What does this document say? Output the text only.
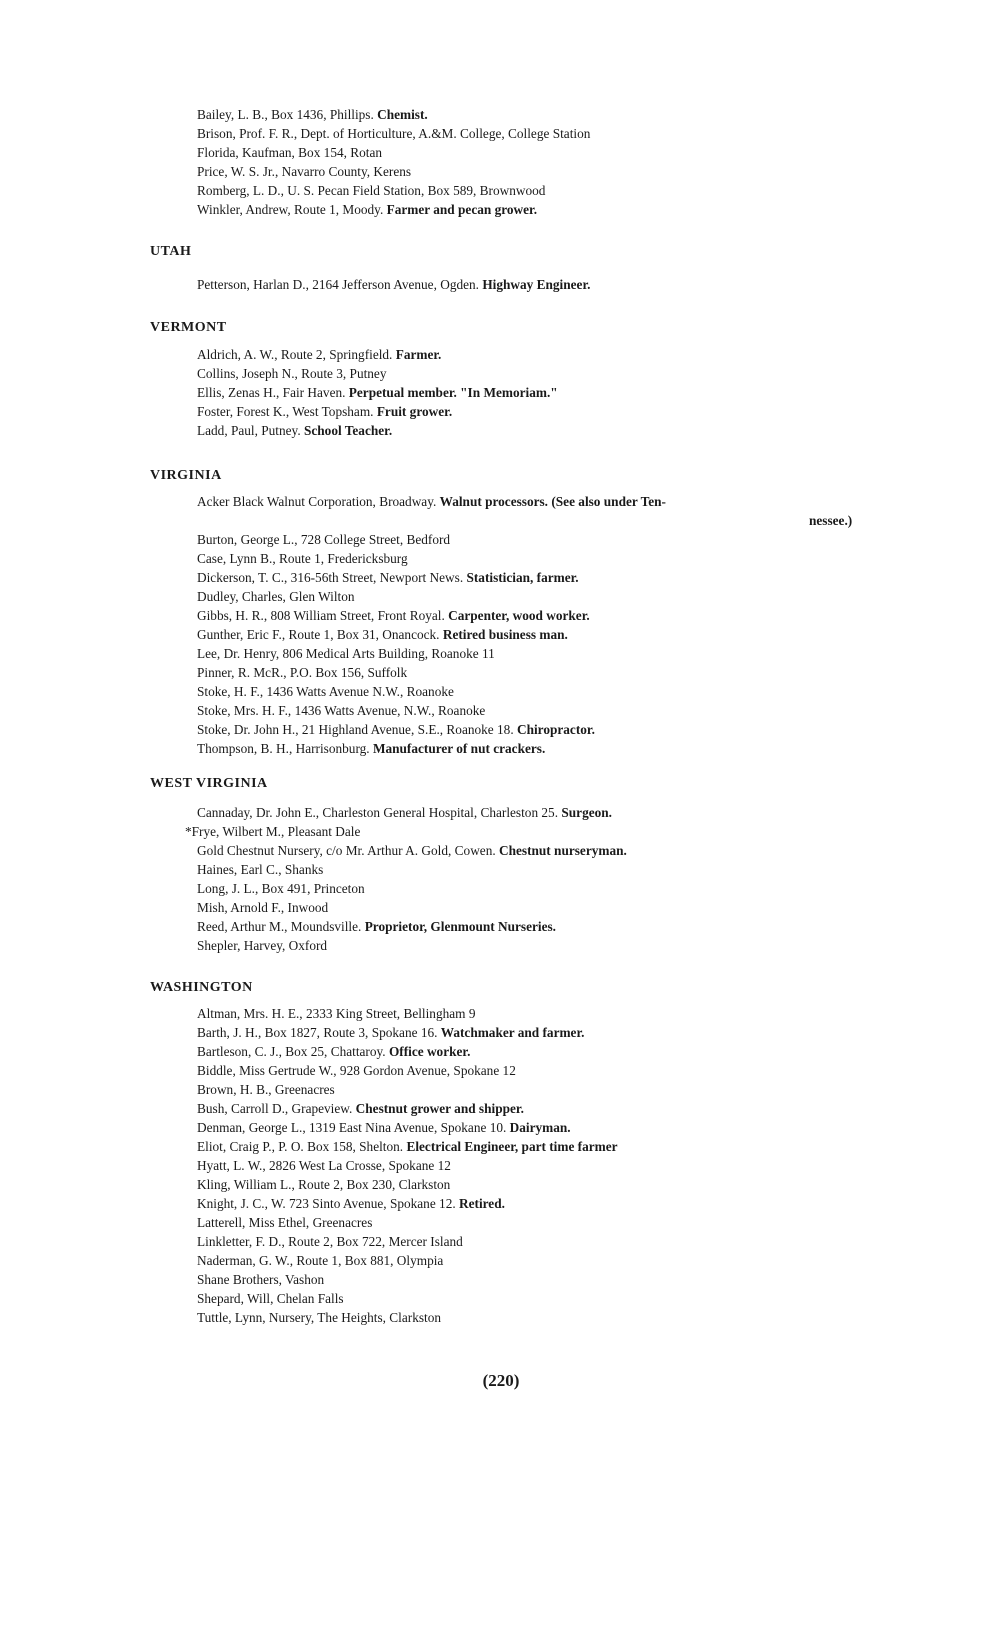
Bailey, L. B., Box 1436, Phillips. Chemist.
Brison, Prof. F. R., Dept. of Horticulture, A.&M. College, College Station
Florida, Kaufman, Box 154, Rotan
Price, W. S. Jr., Navarro County, Kerens
Romberg, L. D., U. S. Pecan Field Station, Box 589, Brownwood
Winkler, Andrew, Route 1, Moody. Farmer and pecan grower.
UTAH
Petterson, Harlan D., 2164 Jefferson Avenue, Ogden. Highway Engineer.
VERMONT
Aldrich, A. W., Route 2, Springfield. Farmer.
Collins, Joseph N., Route 3, Putney
Ellis, Zenas H., Fair Haven. Perpetual member. "In Memoriam."
Foster, Forest K., West Topsham. Fruit grower.
Ladd, Paul, Putney. School Teacher.
VIRGINIA
Acker Black Walnut Corporation, Broadway. Walnut processors. (See also under Ten-
nessee.)
Burton, George L., 728 College Street, Bedford
Case, Lynn B., Route 1, Fredericksburg
Dickerson, T. C., 316-56th Street, Newport News. Statistician, farmer.
Dudley, Charles, Glen Wilton
Gibbs, H. R., 808 William Street, Front Royal. Carpenter, wood worker.
Gunther, Eric F., Route 1, Box 31, Onancock. Retired business man.
Lee, Dr. Henry, 806 Medical Arts Building, Roanoke 11
Pinner, R. McR., P.O. Box 156, Suffolk
Stoke, H. F., 1436 Watts Avenue N.W., Roanoke
Stoke, Mrs. H. F., 1436 Watts Avenue, N.W., Roanoke
Stoke, Dr. John H., 21 Highland Avenue, S.E., Roanoke 18. Chiropractor.
Thompson, B. H., Harrisonburg. Manufacturer of nut crackers.
WEST VIRGINIA
Cannaday, Dr. John E., Charleston General Hospital, Charleston 25. Surgeon.
*Frye, Wilbert M., Pleasant Dale
Gold Chestnut Nursery, c/o Mr. Arthur A. Gold, Cowen. Chestnut nurseryman.
Haines, Earl C., Shanks
Long, J. L., Box 491, Princeton
Mish, Arnold F., Inwood
Reed, Arthur M., Moundsville. Proprietor, Glenmount Nurseries.
Shepler, Harvey, Oxford
WASHINGTON
Altman, Mrs. H. E., 2333 King Street, Bellingham 9
Barth, J. H., Box 1827, Route 3, Spokane 16. Watchmaker and farmer.
Bartleson, C. J., Box 25, Chattaroy. Office worker.
Biddle, Miss Gertrude W., 928 Gordon Avenue, Spokane 12
Brown, H. B., Greenacres
Bush, Carroll D., Grapeview. Chestnut grower and shipper.
Denman, George L., 1319 East Nina Avenue, Spokane 10. Dairyman.
Eliot, Craig P., P. O. Box 158, Shelton. Electrical Engineer, part time farmer
Hyatt, L. W., 2826 West La Crosse, Spokane 12
Kling, William L., Route 2, Box 230, Clarkston
Knight, J. C., W. 723 Sinto Avenue, Spokane 12. Retired.
Latterell, Miss Ethel, Greenacres
Linkletter, F. D., Route 2, Box 722, Mercer Island
Naderman, G. W., Route 1, Box 881, Olympia
Shane Brothers, Vashon
Shepard, Will, Chelan Falls
Tuttle, Lynn, Nursery, The Heights, Clarkston
(220)
